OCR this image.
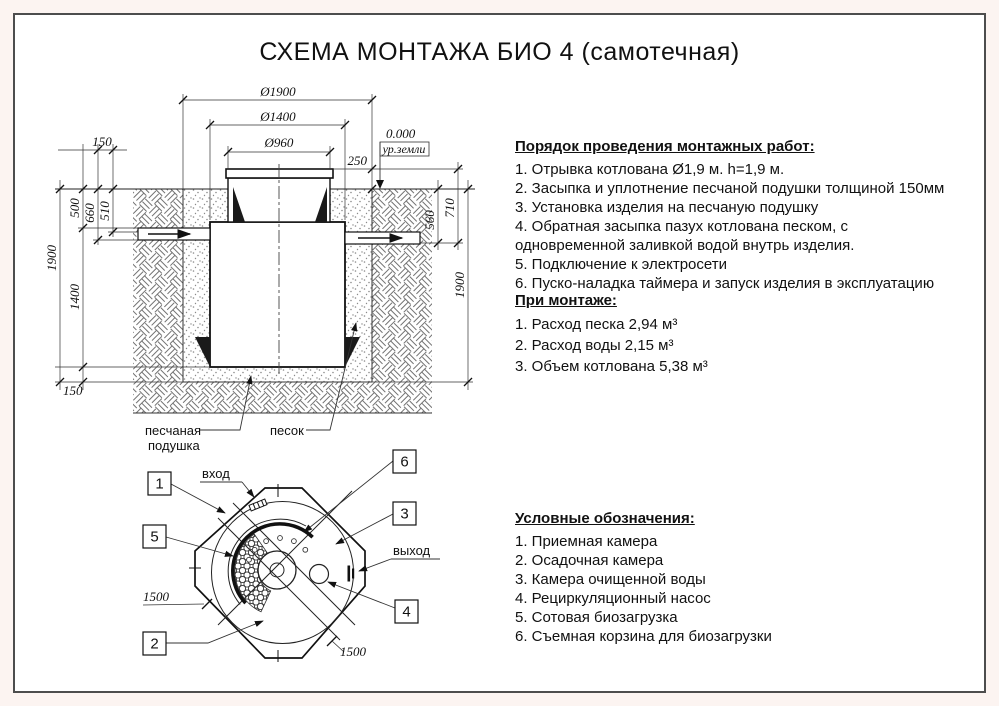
СХЕМА МОНТАЖА БИО 4 (самотечная)
Ø1900
Ø1400
Ø960
150
250
1900
500
1400
660 510
150
560
710
1900
0.000
ур.земли
песчаная
подушка
песок
1
5
2
6
3
4
вход
выход
1500
1500
Порядок проведения монтажных работ:
1. Отрывка котлована Ø1,9 м. h=1,9 м.
2. Засыпка и уплотнение песчаной подушки толщиной 150мм
3. Установка изделия на песчаную подушку
4. Обратная засыпка пазух котлована песком, с одновременной заливкой водой внутрь изделия.
5. Подключение к электросети
6. Пуско-наладка таймера и запуск изделия в эксплуатацию
При монтаже:
1. Расход песка 2,94 м³
2. Расход воды 2,15 м³
3. Объем котлована 5,38 м³
Условные обозначения:
1. Приемная камера
2. Осадочная камера
3. Камера очищенной воды
4. Рециркуляционный насос
5. Сотовая биозагрузка
6. Съемная корзина для биозагрузки
